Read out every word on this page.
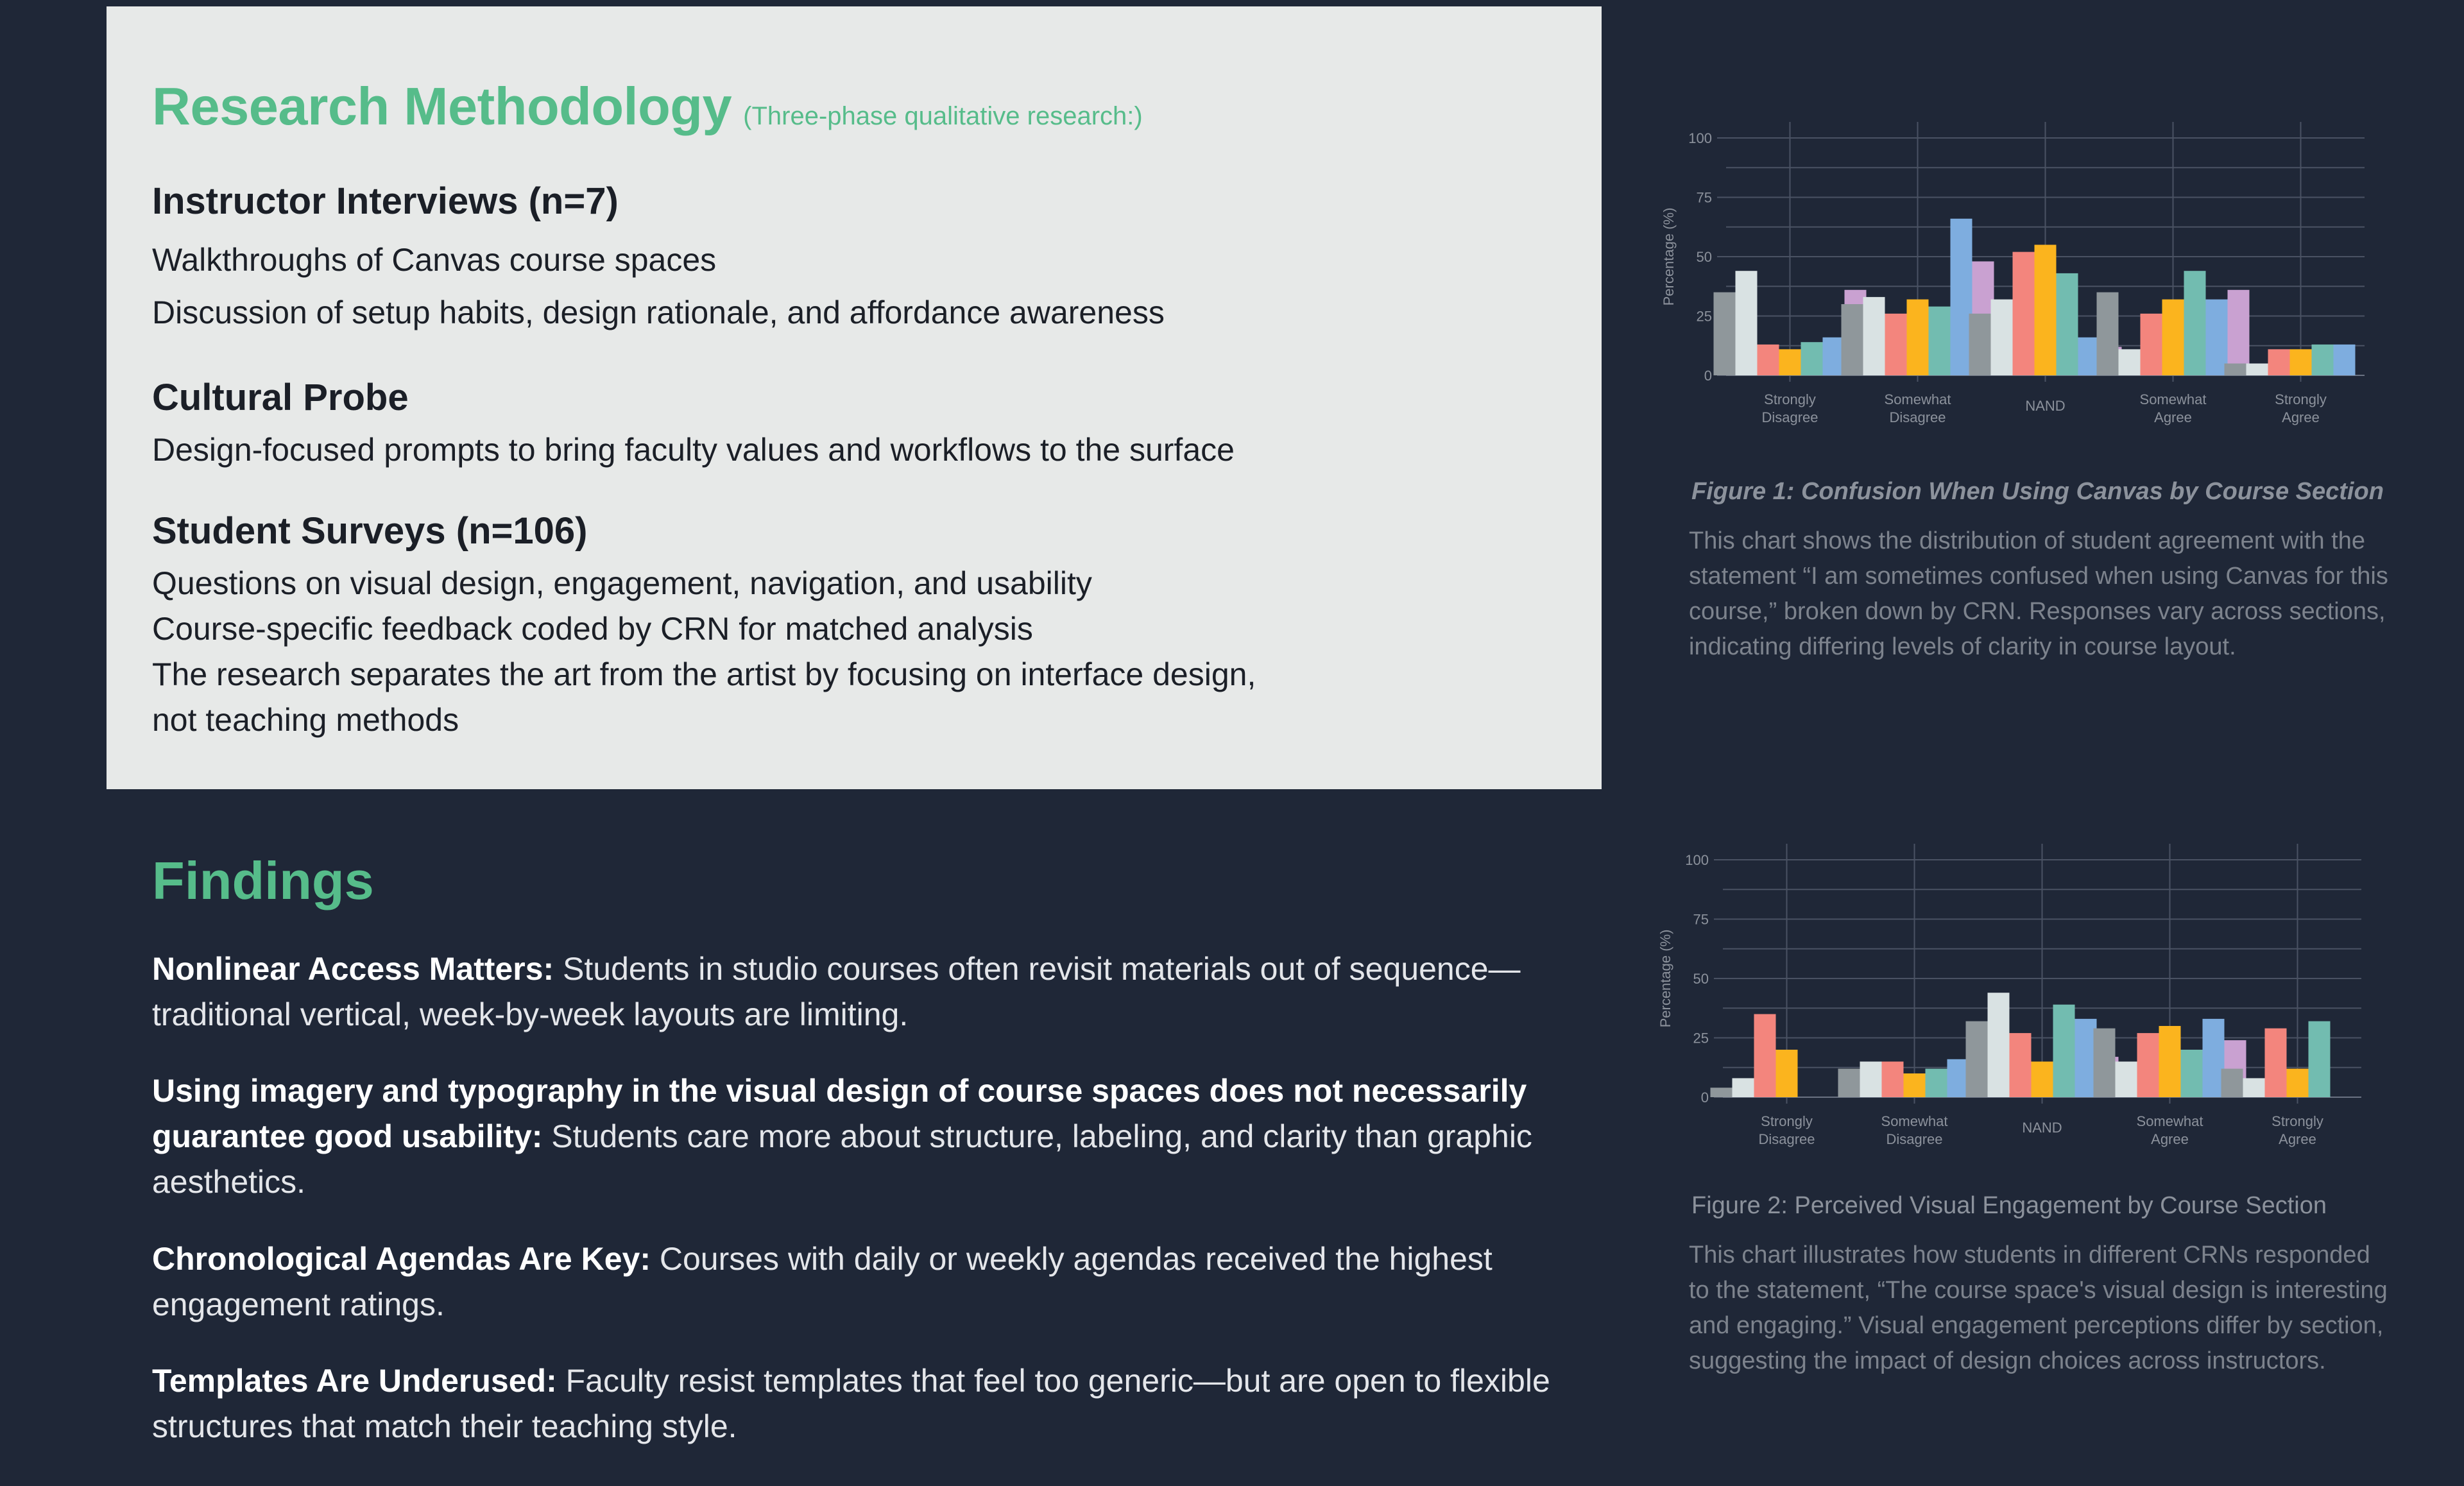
Research Methodology (Three-phase qualitative research:)
Instructor Interviews (n=7)
Walkthroughs of Canvas course spaces
Discussion of setup habits, design rationale, and affordance awareness
Cultural Probe
Design-focused prompts to bring faculty values and workflows to the surface
Student Surveys (n=106)
Questions on visual design, engagement, navigation, and usability
Course-specific feedback coded by CRN for matched analysis
The research separates the art from the artist by focusing on interface design,
not teaching methods
Findings
Nonlinear Access Matters: Students in studio courses often revisit materials out of sequence—traditional vertical, week-by-week layouts are limiting.
Using imagery and typography in the visual design of course spaces does not necessarily guarantee good usability: Students care more about structure, labeling, and clarity than graphic aesthetics.
Chronological Agendas Are Key: Courses with daily or weekly agendas received the highest engagement ratings.
Templates Are Underused: Faculty resist templates that feel too generic—but are open to flexible structures that match their teaching style.
0
25
50
75
100
Percentage (%)
Strongly
Disagree
Somewhat
Disagree
NAND	Somewhat
Agree
Strongly
Agree
Figure 1: Confusion When Using Canvas by Course Section
This chart shows the distribution of student agreement with the statement “I am sometimes confused when using Canvas for this course,” broken down by CRN. Responses vary across sections, indicating differing levels of clarity in course layout.
0
25
50
75
100
Percentage (%)
Strongly
Disagree
Somewhat
Disagree
NAND	Somewhat
Agree
Strongly
Agree
Figure 2: Perceived Visual Engagement by Course Section
This chart illustrates how students in different CRNs responded to the statement, “The course space's visual design is interesting and engaging.” Visual engagement perceptions differ by section, suggesting the impact of design choices across instructors.
